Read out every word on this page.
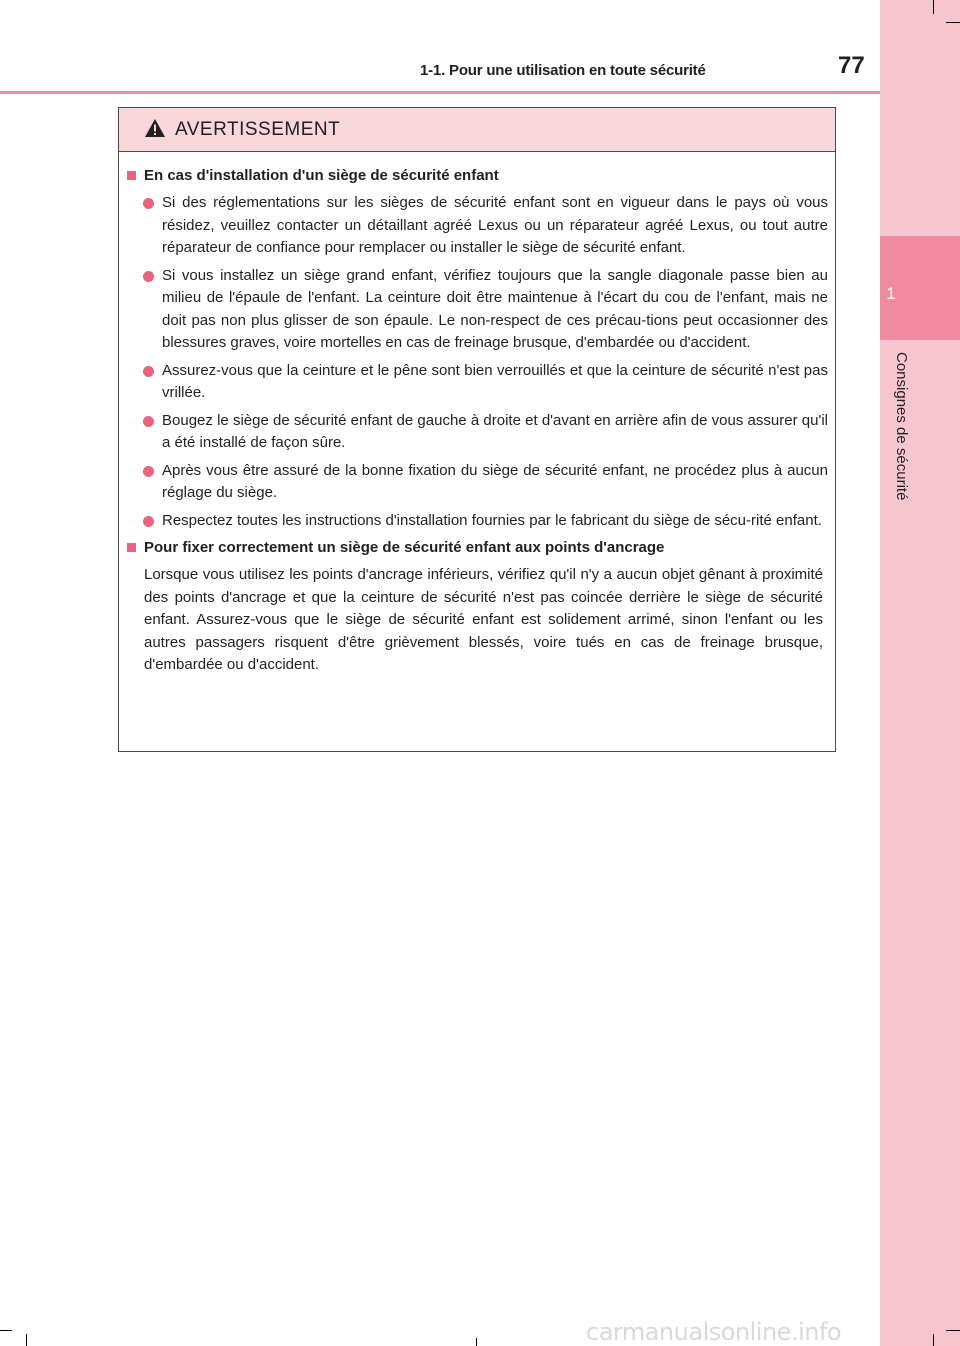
1
Consignes de sécurité
1-1. Pour une utilisation en toute sécurité	77
AVERTISSEMENT
En cas d'installation d'un siège de sécurité enfant
Si des réglementations sur les sièges de sécurité enfant sont en vigueur dans le pays où vous résidez, veuillez contacter un détaillant agréé Lexus ou un réparateur agréé Lexus, ou tout autre réparateur de confiance pour remplacer ou installer le siège de sécurité enfant.
Si vous installez un siège grand enfant, vérifiez toujours que la sangle diagonale passe bien au milieu de l'épaule de l'enfant. La ceinture doit être maintenue à l'écart du cou de l'enfant, mais ne doit pas non plus glisser de son épaule. Le non-respect de ces précau-tions peut occasionner des blessures graves, voire mortelles en cas de freinage brusque, d'embardée ou d'accident.
Assurez-vous que la ceinture et le pêne sont bien verrouillés et que la ceinture de sécurité n'est pas vrillée.
Bougez le siège de sécurité enfant de gauche à droite et d'avant en arrière afin de vous assurer qu'il a été installé de façon sûre.
Après vous être assuré de la bonne fixation du siège de sécurité enfant, ne procédez plus à aucun réglage du siège.
Respectez toutes les instructions d'installation fournies par le fabricant du siège de sécu-rité enfant.
Pour fixer correctement un siège de sécurité enfant aux points d'ancrage
Lorsque vous utilisez les points d'ancrage inférieurs, vérifiez qu'il n'y a aucun objet gênant à proximité des points d'ancrage et que la ceinture de sécurité n'est pas coincée derrière le siège de sécurité enfant. Assurez-vous que le siège de sécurité enfant est solidement arrimé, sinon l'enfant ou les autres passagers risquent d'être grièvement blessés, voire tués en cas de freinage brusque, d'embardée ou d'accident.
carmanualsonline.info
